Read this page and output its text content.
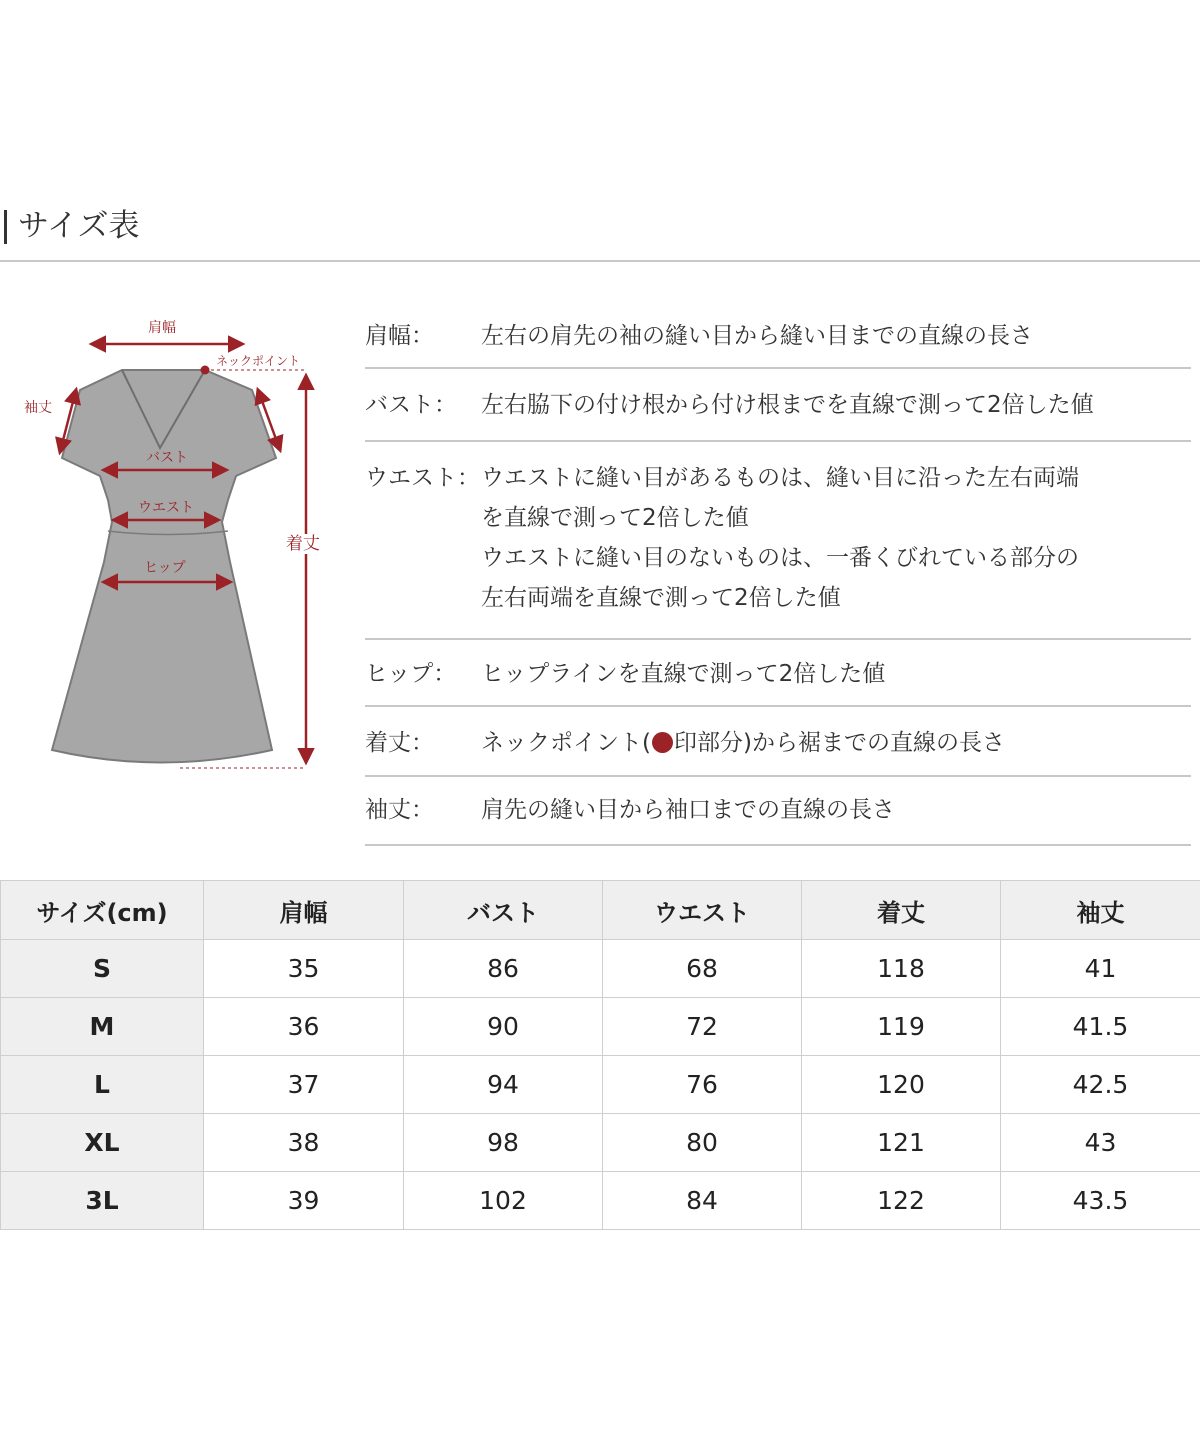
サイズ表
肩幅
ネックポイント
袖丈
バスト
ウエスト
ヒップ
着丈
肩幅： 左右の肩先の袖の縫い目から縫い目までの直線の長さ
バスト： 左右脇下の付け根から付け根までを直線で測って2倍した値
ウエスト： ウエストに縫い目があるものは、縫い目に沿った左右両端
を直線で測って2倍した値
ウエストに縫い目のないものは、一番くびれている部分の
左右両端を直線で測って2倍した値
ヒップ： ヒップラインを直線で測って2倍した値
着丈： ネックポイント( 印部分)から裾までの直線の長さ
袖丈： 肩先の縫い目から袖口までの直線の長さ
サイズ(cm)	肩幅	バスト	ウエスト	着丈	袖丈
S	35	86	68	118	41
M	36	90	72	119	41.5
L	37	94	76	120	42.5
XL	38	98	80	121	43
3L	39	102	84	122	43.5
